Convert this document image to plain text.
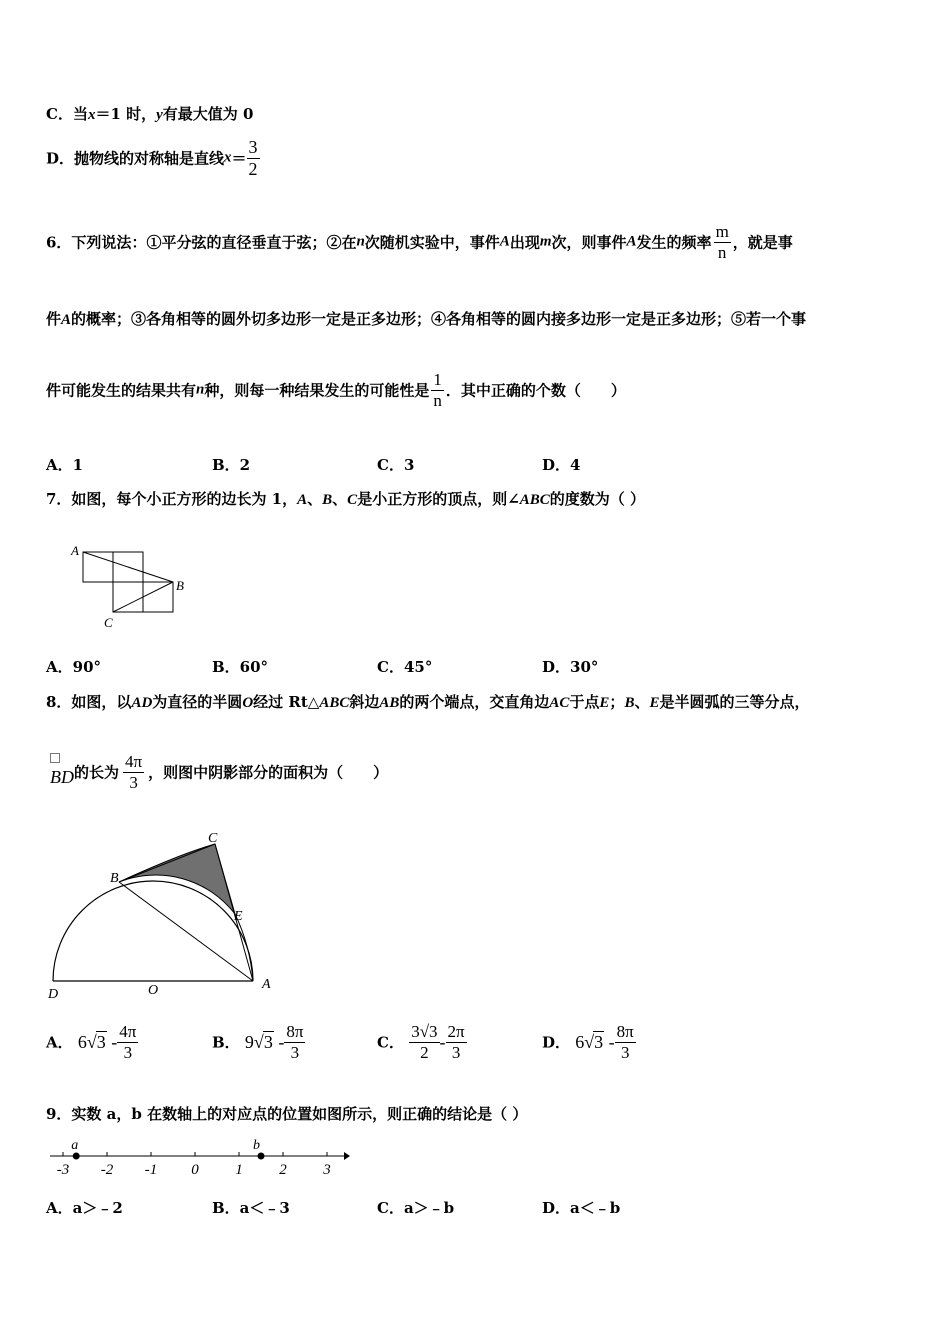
C．当x＝1 时，y有最大值为 0
D．抛物线的对称轴是直线$x= \frac{3}{2}$
6．下列说法：①平分弦的直径垂直于弦；②在n次随机实验中，事件A出现m次，则事件A发生的频率 $\frac{m}{n}$ ，就是事
件A的概率；③各角相等的圆外切多边形一定是正多边形；④各角相等的圆内接多边形一定是正多边形；⑤若一个事
件可能发生的结果共有n种，则每一种结果发生的可能性是 $\frac{1}{n}$ ．其中正确的个数（　　）
A．1	B．2	C．3	D．4
7．如图，每个小正方形的边长为 1，A、B、C是小正方形的顶点，则∠ABC的度数为（ ）
A
B
C
A．90°	B．60°	C．45°	D．30°
8．如图，以AD为直径的半圆O经过 Rt△ABC斜边AB的两个端点，交直角边AC于点E；B、E是半圆弧的三等分点，
BD的长为 $\frac{4\pi}{3}$ ，则图中阴影部分的面积为（　　）
C
B
E
A
D	O
A． $6√3 - \frac{4\pi}{3}$	B． $9√3 - \frac{8\pi}{3}$	C． $\frac{3√3}{2} - \frac{2\pi}{3}$	D． $6√3 - \frac{8\pi}{3}$
9．实数 a，b 在数轴上的对应点的位置如图所示，则正确的结论是（ ）
-3 -2 -1 0 1 2 3
a	b
A．a＞﹣2	B．a＜﹣3	C．a＞﹣b	D．a＜﹣b
